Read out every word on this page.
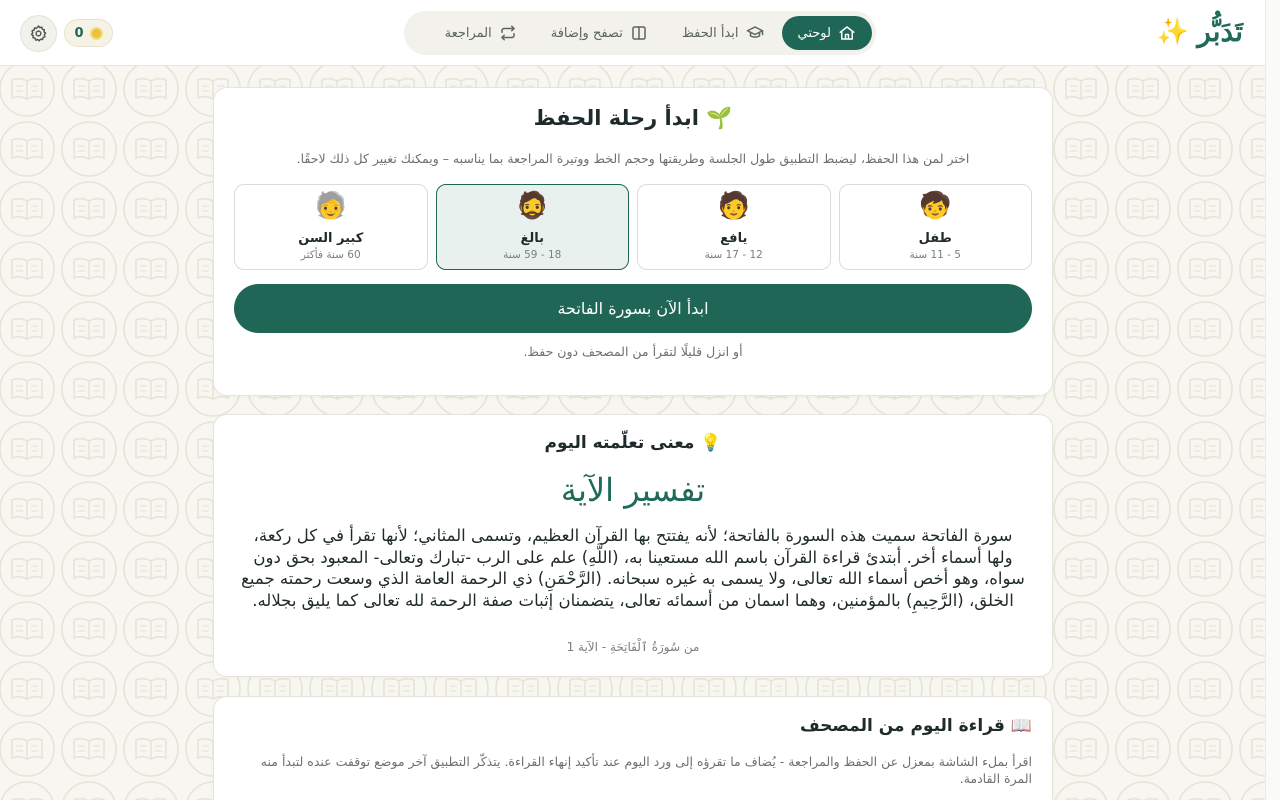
تَدَبُّر
✨
لوحتي
ابدأ الحفظ
تصفح وإضافة
المراجعة
0
🌱 ابدأ رحلة الحفظ

اختر لمن هذا الحفظ، ليضبط التطبيق طول الجلسة وطريقتها وحجم الخط ووتيرة المراجعة بما يناسبه – ويمكنك تغيير كل ذلك لاحقًا.

🧒
طفل
5 - 11 سنة
🧑
يافع
12 - 17 سنة
🧔
بالغ
18 - 59 سنة
🧓
كبير السن
60 سنة فأكثر
ابدأ الآن بسورة الفاتحة

أو انزل قليلًا لتقرأ من المصحف دون حفظ.

💡 معنى تعلّمته اليوم
تفسير الآية

سورة الفاتحة سميت هذه السورة بالفاتحة؛ لأنه يفتتح بها القرآن العظيم، وتسمى المثاني؛ لأنها تقرأ في كل ركعة، ولها أسماء أخر. أبتدئ قراءة القرآن باسم الله مستعينا به، (اللَّهِ) علم على الرب -تبارك وتعالى- المعبود بحق دون سواه، وهو أخص أسماء الله تعالى، ولا يسمى به غيره سبحانه. (الرَّحْمَنِ) ذي الرحمة العامة الذي وسعت رحمته جميع الخلق، (الرَّحِيمِ) بالمؤمنين، وهما اسمان من أسمائه تعالى، يتضمنان إثبات صفة الرحمة لله تعالى كما يليق بجلاله.

من سُورَةُ ٱلْفَاتِحَةِ - الآية 1

📖 قراءة اليوم من المصحف

اقرأ بملء الشاشة بمعزل عن الحفظ والمراجعة - يُضاف ما تقرؤه إلى ورد اليوم عند تأكيد إنهاء القراءة. يتذكّر التطبيق آخر موضع توقفت عنده لتبدأ منه المرة القادمة.
